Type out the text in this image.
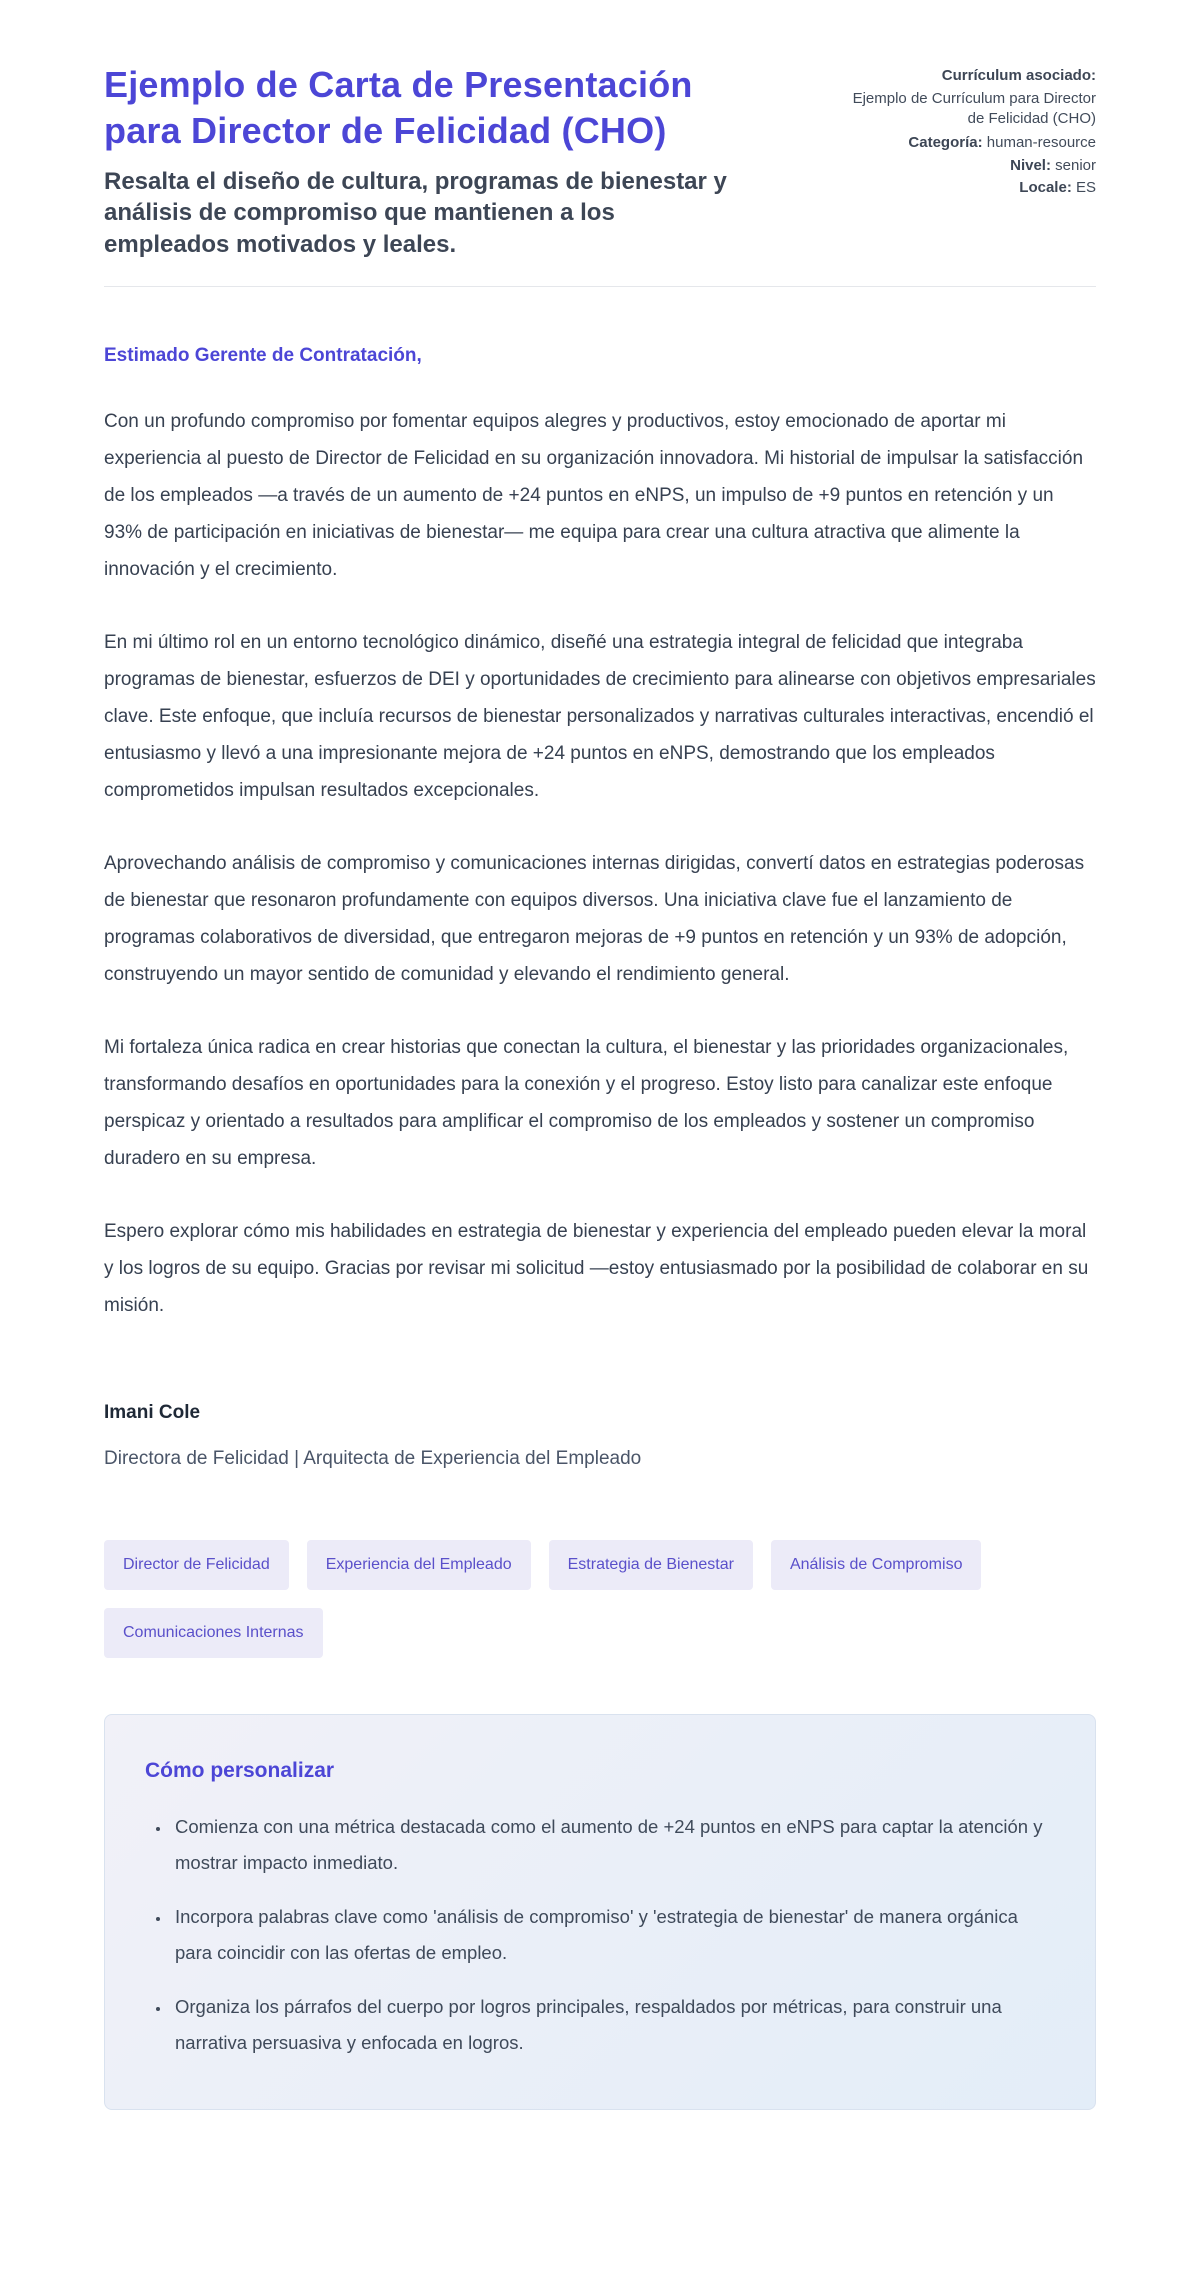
Ejemplo de Carta de Presentación para Director de Felicidad (CHO)
Resalta el diseño de cultura, programas de bienestar y análisis de compromiso que mantienen a los empleados motivados y leales.
Currículum asociado:
Ejemplo de Currículum para Director de Felicidad (CHO)
Categoría: human-resource
Nivel: senior
Locale: ES

Estimado Gerente de Contratación,

Con un profundo compromiso por fomentar equipos alegres y productivos, estoy emocionado de aportar mi experiencia al puesto de Director de Felicidad en su organización innovadora. Mi historial de impulsar la satisfacción de los empleados —a través de un aumento de +24 puntos en eNPS, un impulso de +9 puntos en retención y un 93% de participación en iniciativas de bienestar— me equipa para crear una cultura atractiva que alimente la innovación y el crecimiento.

En mi último rol en un entorno tecnológico dinámico, diseñé una estrategia integral de felicidad que integraba programas de bienestar, esfuerzos de DEI y oportunidades de crecimiento para alinearse con objetivos empresariales clave. Este enfoque, que incluía recursos de bienestar personalizados y narrativas culturales interactivas, encendió el entusiasmo y llevó a una impresionante mejora de +24 puntos en eNPS, demostrando que los empleados comprometidos impulsan resultados excepcionales.

Aprovechando análisis de compromiso y comunicaciones internas dirigidas, convertí datos en estrategias poderosas de bienestar que resonaron profundamente con equipos diversos. Una iniciativa clave fue el lanzamiento de programas colaborativos de diversidad, que entregaron mejoras de +9 puntos en retención y un 93% de adopción, construyendo un mayor sentido de comunidad y elevando el rendimiento general.

Mi fortaleza única radica en crear historias que conectan la cultura, el bienestar y las prioridades organizacionales, transformando desafíos en oportunidades para la conexión y el progreso. Estoy listo para canalizar este enfoque perspicaz y orientado a resultados para amplificar el compromiso de los empleados y sostener un compromiso duradero en su empresa.

Espero explorar cómo mis habilidades en estrategia de bienestar y experiencia del empleado pueden elevar la moral y los logros de su equipo. Gracias por revisar mi solicitud —estoy entusiasmado por la posibilidad de colaborar en su misión.

Imani Cole
Directora de Felicidad | Arquitecta de Experiencia del Empleado
Director de Felicidad	Experiencia del Empleado	Estrategia de Bienestar	Análisis de Compromiso
Comunicaciones Internas
Cómo personalizar
• Comienza con una métrica destacada como el aumento de +24 puntos en eNPS para captar la atención y mostrar impacto inmediato.
• Incorpora palabras clave como 'análisis de compromiso' y 'estrategia de bienestar' de manera orgánica para coincidir con las ofertas de empleo.
• Organiza los párrafos del cuerpo por logros principales, respaldados por métricas, para construir una narrativa persuasiva y enfocada en logros.
